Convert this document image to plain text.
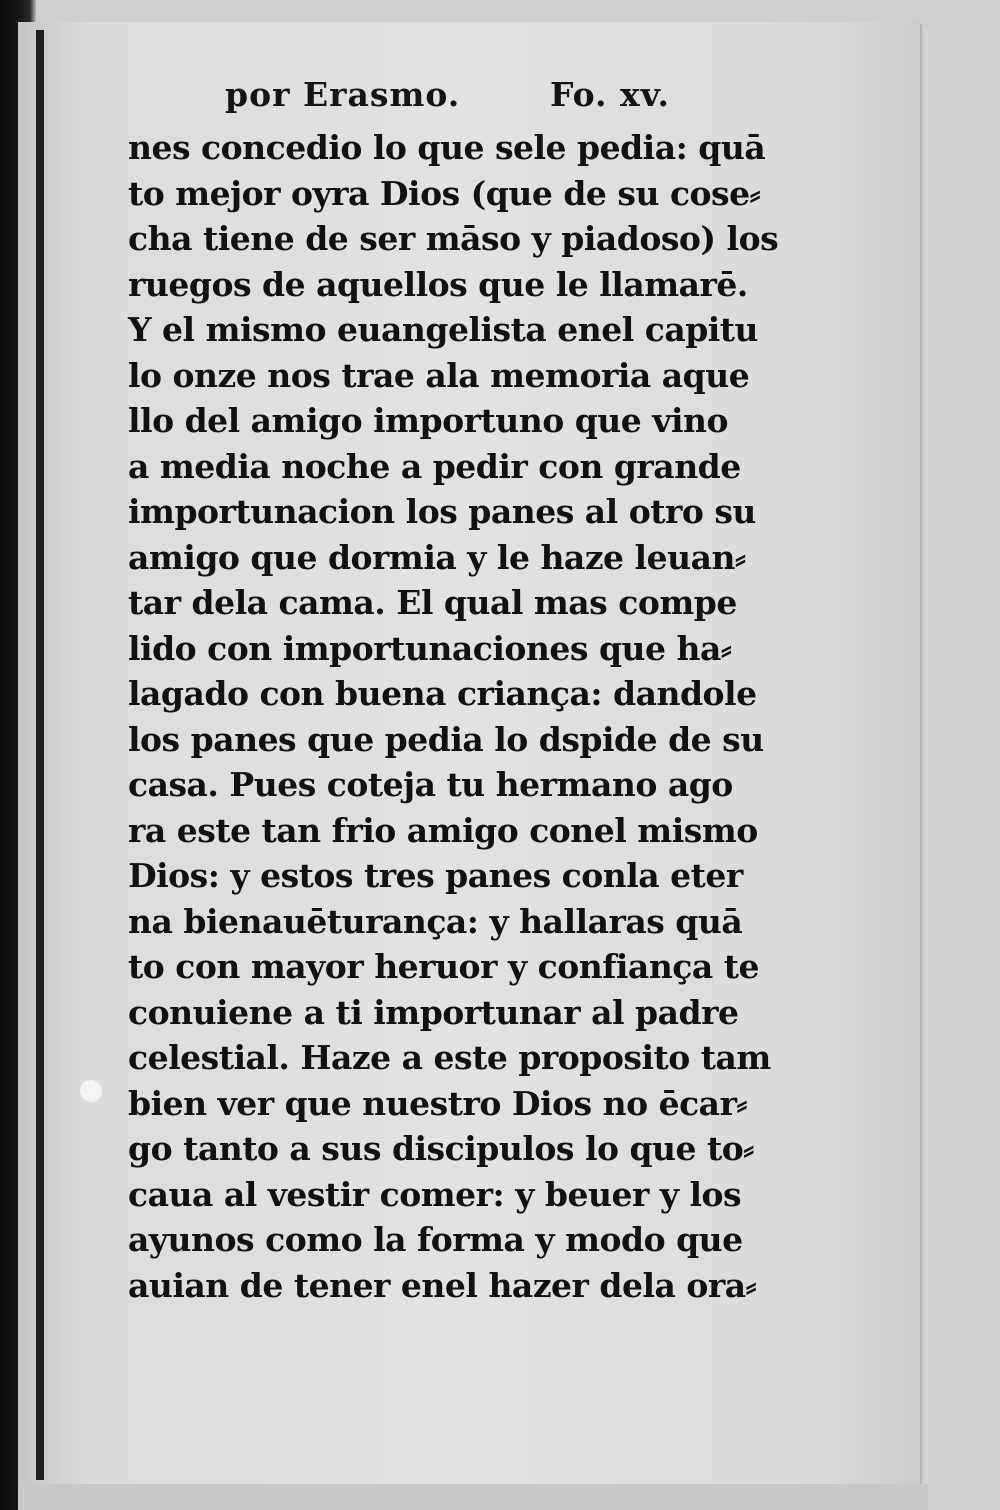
por Erasmo.	Fo. xv.
nes concedio lo que sele pedia: quā
to mejor oyra Dios (que de su cose⸗
cha tiene de ser māso y piadoso) los
ruegos de aquellos que le llamarē.
Y el mismo euangelista enel capitu
lo onze nos trae ala memoria aque
llo del amigo importuno que vino
a media noche a pedir con grande
importunacion los panes al otro su
amigo que dormia y le haze leuan⸗
tar dela cama. El qual mas compe
lido con importunaciones que ha⸗
lagado con buena criança: dandole
los panes que pedia lo dspide de su
casa. Pues coteja tu hermano ago
ra este tan frio amigo conel mismo
Dios: y estos tres panes conla eter
na bienauēturança: y hallaras quā
to con mayor heruor y confiança te
conuiene a ti importunar al padre
celestial. Haze a este proposito tam
bien ver que nuestro Dios no ēcar⸗
go tanto a sus discipulos lo que to⸗
caua al vestir comer: y beuer y los
ayunos como la forma y modo que
auian de tener enel hazer dela ora⸗
